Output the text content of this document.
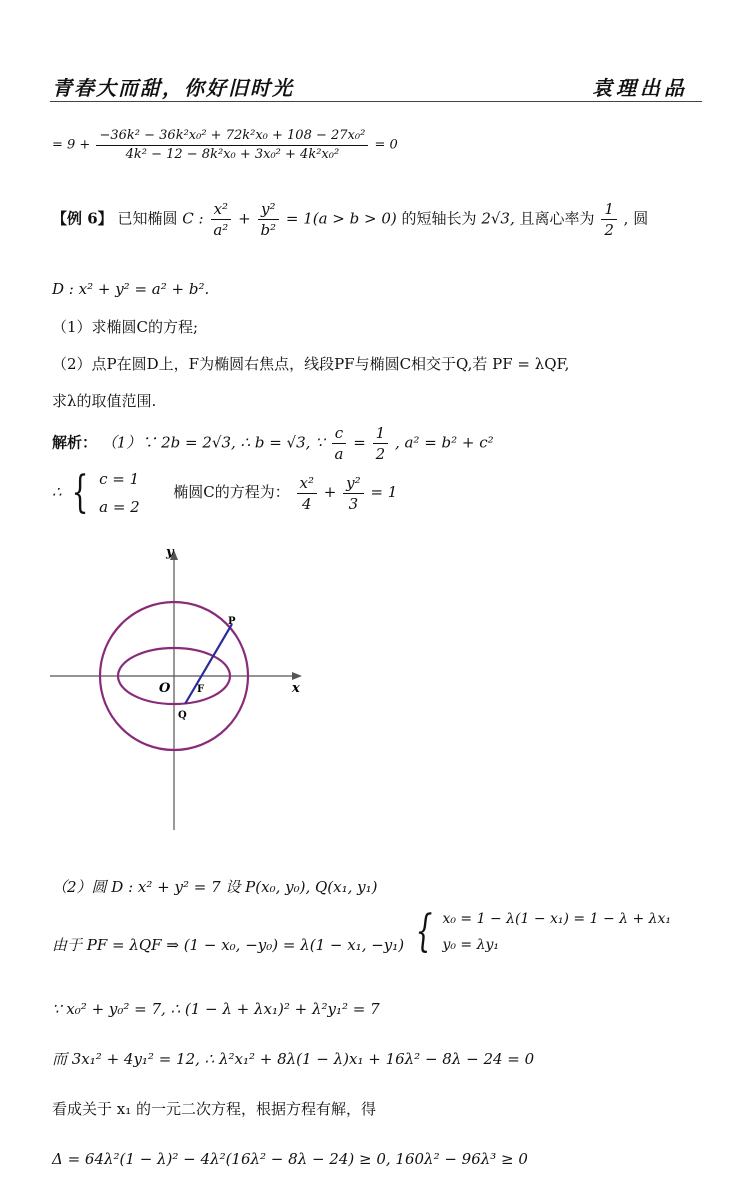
青春大而甜，你好旧时光	袁理出品
= $9 + \frac{\text{−36k² − 36k²x₀² + 72k²x₀ + 108 − 27x₀²}}{\text{4k² − 12 − 8k²x₀ + 3x₀² + 4k²x₀²}} = 0$
【例 6】 已知椭圆 C : $\frac{\text{x²}}{\text{a²}} + \frac{\text{y²}}{\text{b²}} = 1(a > b > 0)$ 的短轴长为 2√3, 且离心率为 $\frac{1}{2}$ , 圆
D : x² + y² = a² + b².
（1）求椭圆C的方程;
（2）点P在圆D上，F为椭圆右焦点，线段PF与椭圆C相交于Q,若 PF = λQF,
求λ的取值范围.
解析： （1）∵ 2b = 2√3, ∴ b = √3, ∵ $\frac{c}{a} = \frac{1}{2}$ , a² = b² + c²
∴ { c = 1
a = 2
椭圆C的方程为： $\frac{\text{x²}}{4} + \frac{\text{y²}}{3} = 1$
y
x
O
P
F
Q
（2）圆 D : x² + y² = 7 设 P(x₀, y₀), Q(x₁, y₁)
由于 PF = λQF ⇒ (1 − x₀, −y₀) = λ(1 − x₁, −y₁) { x₀ = 1 − λ(1 − x₁) = 1 − λ + λx₁
y₀ = λy₁
∵ x₀² + y₀² = 7, ∴ (1 − λ + λx₁)² + λ²y₁² = 7
而 3x₁² + 4y₁² = 12, ∴ λ²x₁² + 8λ(1 − λ)x₁ + 16λ² − 8λ − 24 = 0
看成关于 x₁ 的一元二次方程，根据方程有解，得
Δ = 64λ²(1 − λ)² − 4λ²(16λ² − 8λ − 24) ≥ 0, 160λ² − 96λ³ ≥ 0
